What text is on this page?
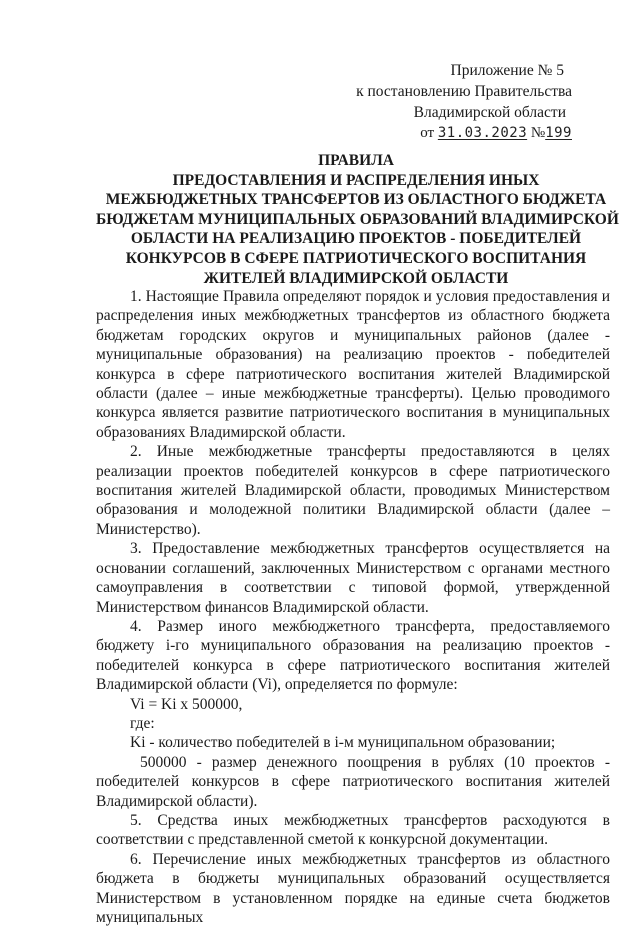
Приложение № 5
к постановлению Правительства
Владимирской области
от 31.03.2023 №199
ПРАВИЛА
ПРЕДОСТАВЛЕНИЯ И РАСПРЕДЕЛЕНИЯ ИНЫХ
МЕЖБЮДЖЕТНЫХ ТРАНСФЕРТОВ ИЗ ОБЛАСТНОГО БЮДЖЕТА
БЮДЖЕТАМ МУНИЦИПАЛЬНЫХ ОБРАЗОВАНИЙ ВЛАДИМИРСКОЙ
ОБЛАСТИ НА РЕАЛИЗАЦИЮ ПРОЕКТОВ - ПОБЕДИТЕЛЕЙ
КОНКУРСОВ В СФЕРЕ ПАТРИОТИЧЕСКОГО ВОСПИТАНИЯ
ЖИТЕЛЕЙ ВЛАДИМИРСКОЙ ОБЛАСТИ

1. Настоящие Правила определяют порядок и условия предоставления и распределения иных межбюджетных трансфертов из областного бюджета бюджетам городских округов и муниципальных районов (далее - муниципальные образования) на реализацию проектов - победителей конкурса в сфере патриотического воспитания жителей Владимирской области (далее – иные межбюджетные трансферты). Целью проводимого конкурса является развитие патриотического воспитания в муниципальных образованиях Владимирской области.

2. Иные межбюджетные трансферты предоставляются в целях реализации проектов победителей конкурсов в сфере патриотического воспитания жителей Владимирской области, проводимых Министерством образования и молодежной политики Владимирской области (далее – Министерство).

3. Предоставление межбюджетных трансфертов осуществляется на основании соглашений, заключенных Министерством с органами местного самоуправления в соответствии с типовой формой, утвержденной Министерством финансов Владимирской области.

4. Размер иного межбюджетного трансферта, предоставляемого бюджету i-го муниципального образования на реализацию проектов - победителей конкурса в сфере патриотического воспитания жителей Владимирской области (Vi), определяется по формуле:

Vi = Ki x 500000,

где:

Ki - количество победителей в i-м муниципальном образовании;

500000 - размер денежного поощрения в рублях (10 проектов - победителей конкурсов в сфере патриотического воспитания жителей Владимирской области).

5. Средства иных межбюджетных трансфертов расходуются в соответствии с представленной сметой к конкурсной документации.

6. Перечисление иных межбюджетных трансфертов из областного бюджета в бюджеты муниципальных образований осуществляется Министерством в установленном порядке на единые счета бюджетов муниципальных
